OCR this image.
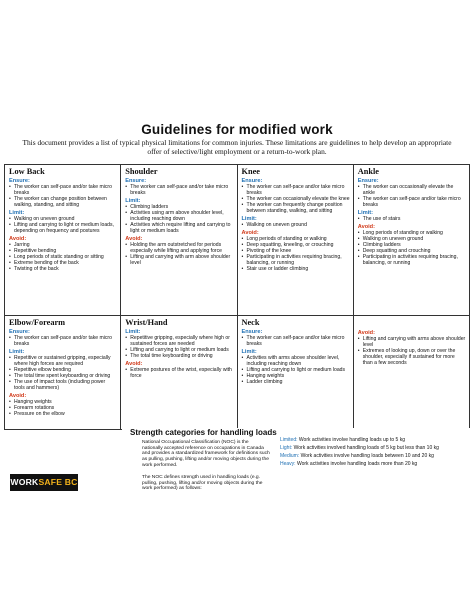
Guidelines for modified work
This document provides a list of typical physical limitations for common injuries. These limitations are guidelines to help develop an appropriate offer of selective/light employment or a return-to-work plan.
Low Back
Ensure:
• The worker can self-pace and/or take micro breaks
• The worker can change position between walking, standing, and sitting
Limit:
• Walking on uneven ground
• Lifting and carrying to light or medium loads, depending on frequency and postures
Avoid:
• Jarring
• Repetitive bending
• Long periods of static standing or sitting
• Extreme bending of the back
• Twisting of the back
Shoulder
Ensure:
• The worker can self-pace and/or take micro breaks
Limit:
• Climbing ladders
• Activities using arm above shoulder level, including reaching down
• Activities which require lifting and carrying to light or medium loads
Avoid:
• Holding the arm outstretched for periods especially while lifting and applying force
• Lifting and carrying with arm above shoulder level
Knee
Ensure:
• The worker can self-pace and/or take micro breaks
• The worker can occasionally elevate the knee
• The worker can frequently change position between standing, walking, and sitting
Limit:
• Walking on uneven ground
Avoid:
• Long periods of standing or walking
• Deep squatting, kneeling, or crouching
• Pivoting of the knee
• Participating in activities requiring bracing, balancing, or running
• Stair use or ladder climbing
Ankle
Ensure:
• The worker can occasionally elevate the ankle
• The worker can self-pace and/or take micro breaks
Limit:
• The use of stairs
Avoid:
• Long periods of standing or walking
• Walking on uneven ground
• Climbing ladders
• Deep squatting and crouching
• Participating in activities requiring bracing, balancing, or running
Elbow/Forearm
Ensure:
• The worker can self-pace and/or take micro breaks
Limit:
• Repetitive or sustained gripping, especially where high forces are required
• Repetitive elbow bending
• The total time spent keyboarding or driving
• The use of impact tools (including power tools and hammers)
Avoid:
• Hanging weights
• Forearm rotations
• Pressure on the elbow
Wrist/Hand
Limit:
• Repetitive gripping, especially where high or sustained forces are needed
• Lifting and carrying to light or medium loads
• The total time keyboarding or driving
Avoid:
• Extreme postures of the wrist, especially with force
Neck
Ensure:
• The worker can self-pace and/or take micro breaks
Limit:
• Activities with arms above shoulder level, including reaching down
• Lifting and carrying to light or medium loads
• Hanging weights
• Ladder climbing
Avoid:
• Lifting and carrying with arms above shoulder level
• Extremes of looking up, down or over the shoulder, especially if sustained for more than a few seconds
Strength categories for handling loads
National Occupational Classification (NOC) is the nationally accepted reference on occupations in Canada and provides a standardized framework for definitions such as pulling, pushing, lifting and/or moving objects during the work performed.
The NOC defines strength used in handling loads (e.g. pulling, pushing, lifting and/or moving objects during the work performed) as follows:
Limited: Work activities involve handling loads up to 5 kg
Light: Work activities involved handling loads of 5 kg but less than 10 kg
Medium: Work activities involve handling loads between 10 and 20 kg
Heavy: Work activities involve handling loads more than 20 kg
WORKSAFE BC
